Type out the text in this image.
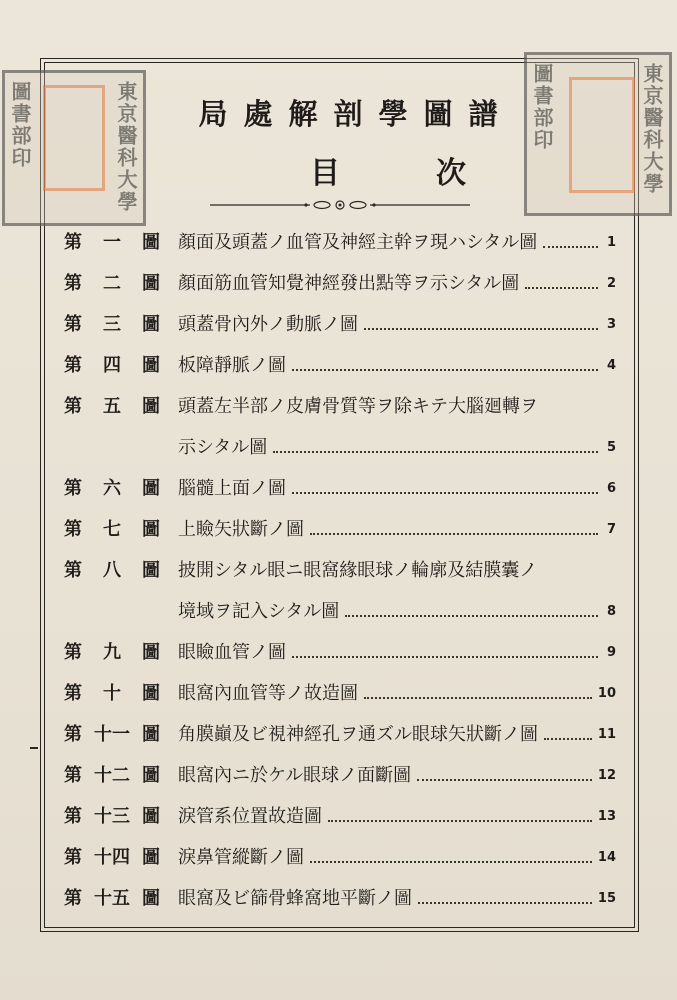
東京醫科大學
圖書部印
東京醫科大學
圖書部印
局處解剖學圖譜
目次
第 一 圖 顏面及頭蓋ノ血管及神經主幹ヲ現ハシタル圖	1
第 二 圖 顏面筋血管知覺神經發出點等ヲ示シタル圖	2
第 三 圖 頭蓋骨內外ノ動脈ノ圖	3
第 四 圖 板障靜脈ノ圖	4
第 五 圖 頭蓋左半部ノ皮膚骨質等ヲ除キテ大腦廻轉ヲ
示シタル圖	5
第 六 圖 腦髓上面ノ圖	6
第 七 圖 上瞼矢狀斷ノ圖	7
第 八 圖 披開シタル眼ニ眼窩緣眼球ノ輪廓及結膜囊ノ
境域ヲ記入シタル圖	8
第 九 圖 眼瞼血管ノ圖	9
第 十 圖 眼窩內血管等ノ故造圖	10
第 十一 圖 角膜巓及ビ視神經孔ヲ通ズル眼球矢狀斷ノ圖	11
第 十二 圖 眼窩內ニ於ケル眼球ノ面斷圖	12
第 十三 圖 淚管系位置故造圖	13
第 十四 圖 淚鼻管縱斷ノ圖	14
第 十五 圖 眼窩及ビ篩骨蜂窩地平斷ノ圖	15
